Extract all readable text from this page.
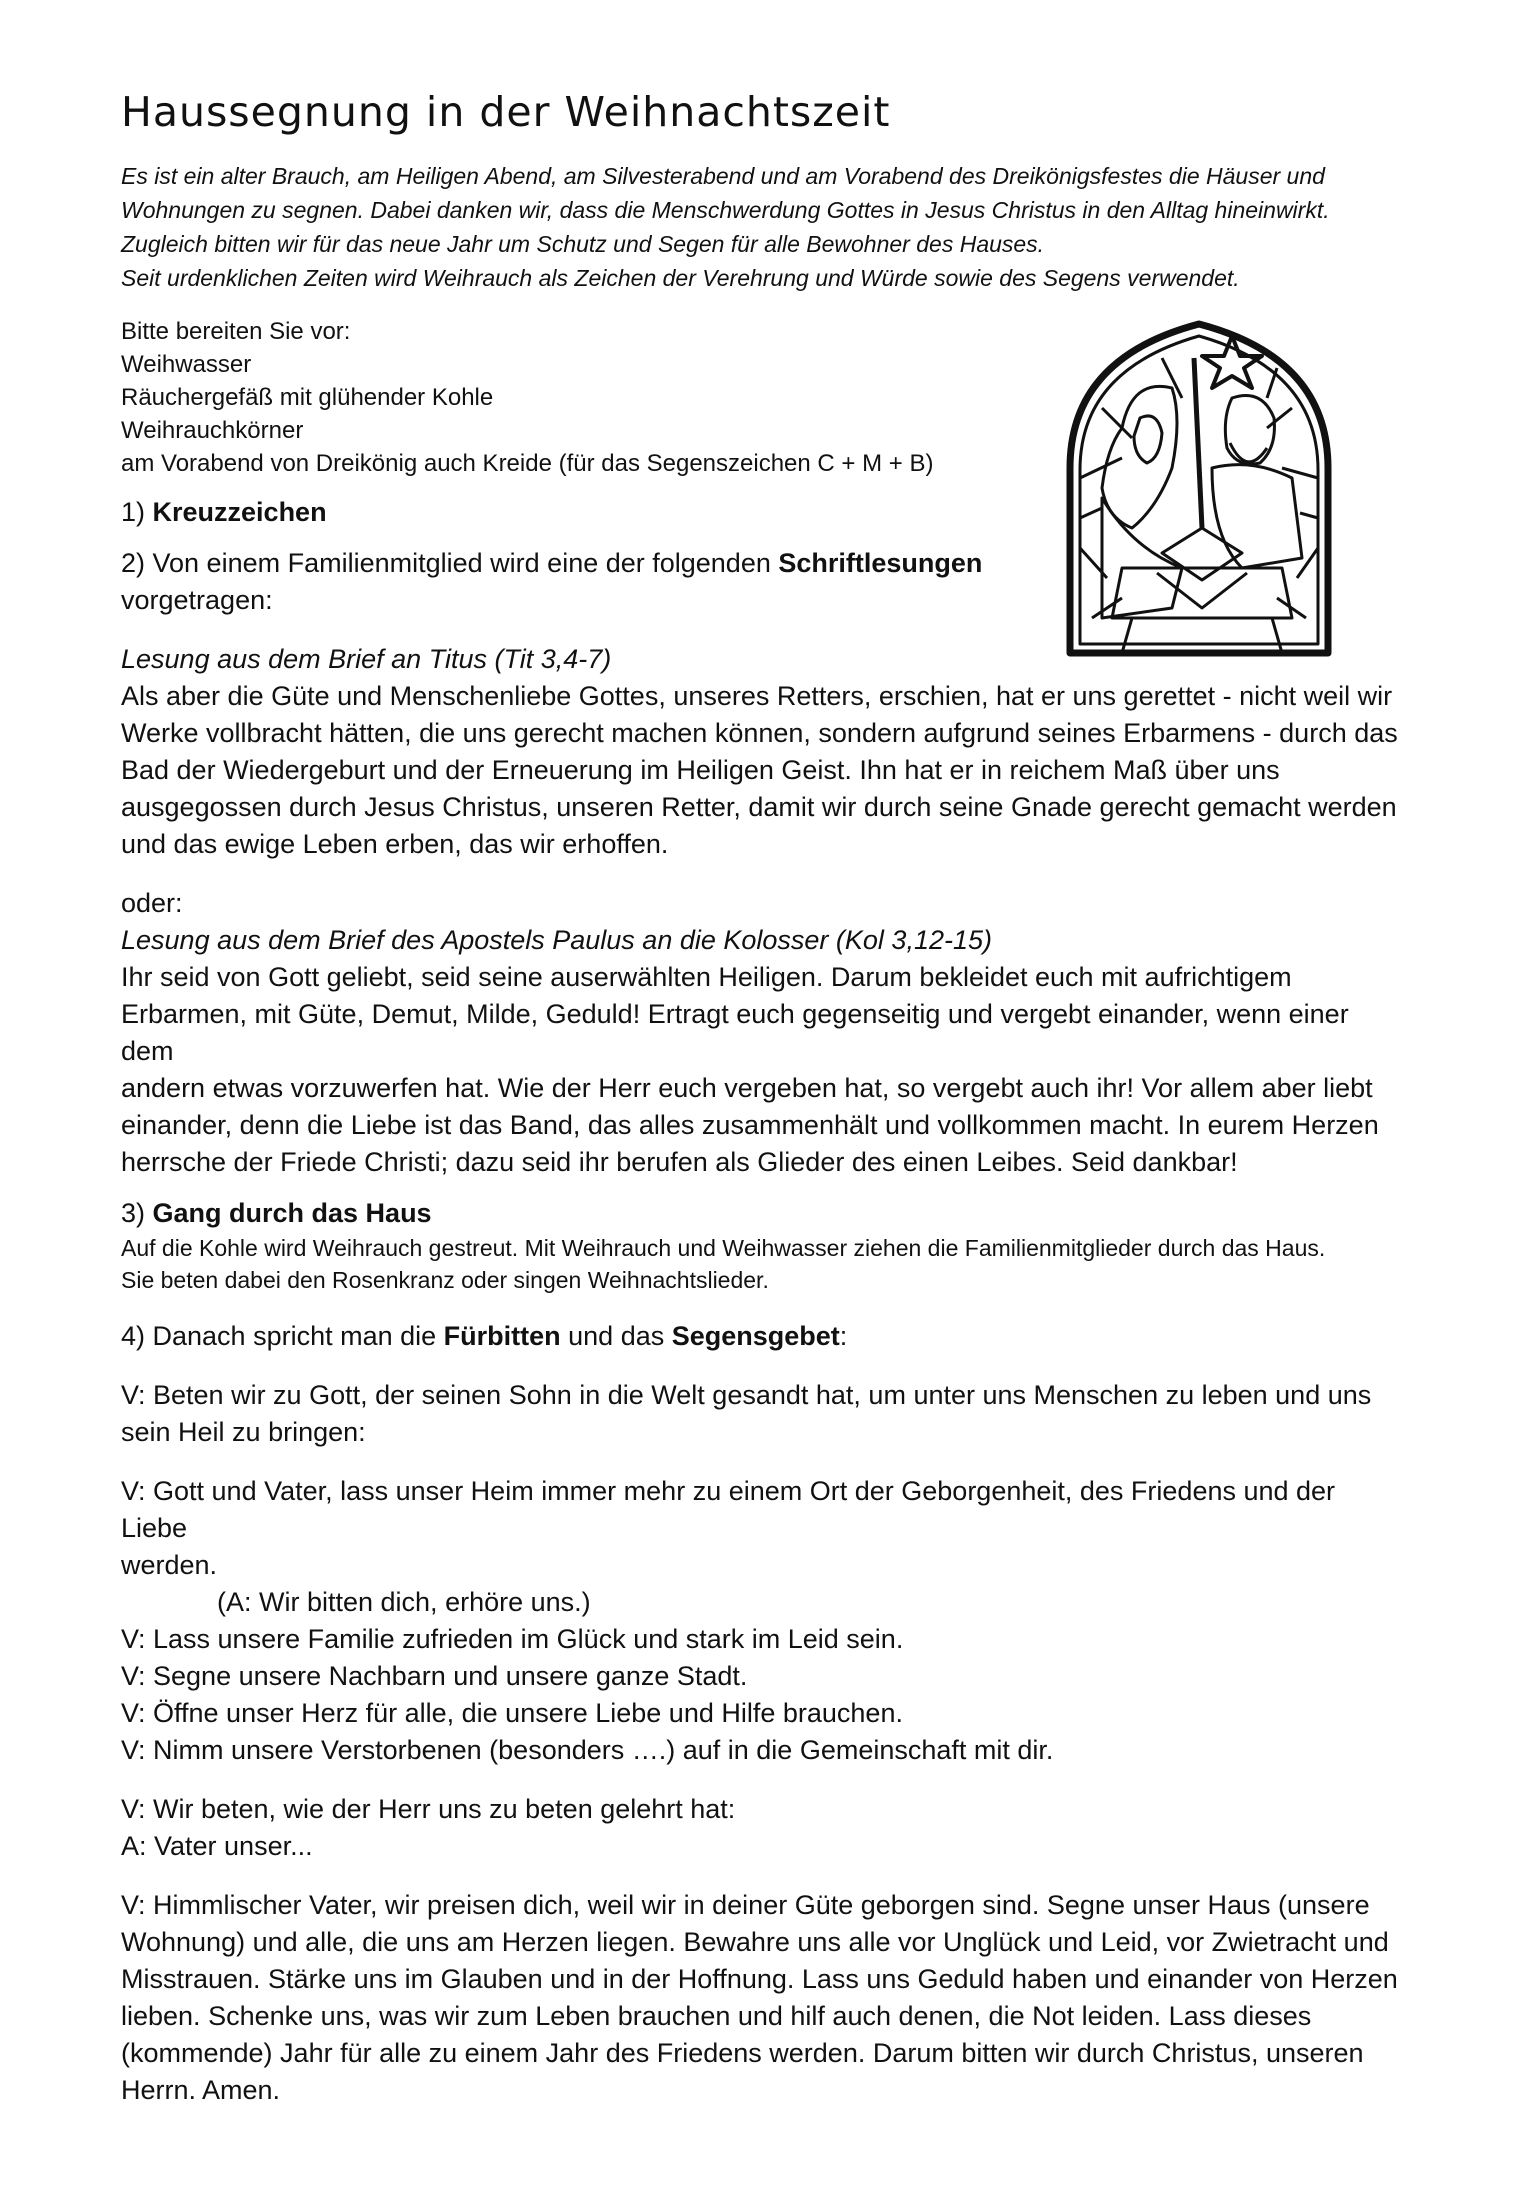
Haussegnung in der Weihnachtszeit
Es ist ein alter Brauch, am Heiligen Abend, am Silvesterabend und am Vorabend des Dreikönigsfestes die Häuser und
Wohnungen zu segnen. Dabei danken wir, dass die Menschwerdung Gottes in Jesus Christus in den Alltag hineinwirkt.
Zugleich bitten wir für das neue Jahr um Schutz und Segen für alle Bewohner des Hauses.
Seit urdenklichen Zeiten wird Weihrauch als Zeichen der Verehrung und Würde sowie des Segens verwendet.
Bitte bereiten Sie vor:
Weihwasser
Räuchergefäß mit glühender Kohle
Weihrauchkörner
am Vorabend von Dreikönig auch Kreide (für das Segenszeichen C + M + B)

1) Kreuzzeichen

2) Von einem Familienmitglied wird eine der folgenden Schriftlesungen
vorgetragen:

Lesung aus dem Brief an Titus (Tit 3,4-7)
Als aber die Güte und Menschenliebe Gottes, unseres Retters, erschien, hat er uns gerettet - nicht weil wir
Werke vollbracht hätten, die uns gerecht machen können, sondern aufgrund seines Erbarmens - durch das
Bad der Wiedergeburt und der Erneuerung im Heiligen Geist. Ihn hat er in reichem Maß über uns
ausgegossen durch Jesus Christus, unseren Retter, damit wir durch seine Gnade gerecht gemacht werden
und das ewige Leben erben, das wir erhoffen.
oder:
Lesung aus dem Brief des Apostels Paulus an die Kolosser (Kol 3,12-15)
Ihr seid von Gott geliebt, seid seine auserwählten Heiligen. Darum bekleidet euch mit aufrichtigem
Erbarmen, mit Güte, Demut, Milde, Geduld! Ertragt euch gegenseitig und vergebt einander, wenn einer dem
andern etwas vorzuwerfen hat. Wie der Herr euch vergeben hat, so vergebt auch ihr! Vor allem aber liebt
einander, denn die Liebe ist das Band, das alles zusammenhält und vollkommen macht. In eurem Herzen
herrsche der Friede Christi; dazu seid ihr berufen als Glieder des einen Leibes. Seid dankbar!

3) Gang durch das Haus

Auf die Kohle wird Weihrauch gestreut. Mit Weihrauch und Weihwasser ziehen die Familienmitglieder durch das Haus.
Sie beten dabei den Rosenkranz oder singen Weihnachtslieder.

4) Danach spricht man die Fürbitten und das Segensgebet:

V: Beten wir zu Gott, der seinen Sohn in die Welt gesandt hat, um unter uns Menschen zu leben und uns
sein Heil zu bringen:
V: Gott und Vater, lass unser Heim immer mehr zu einem Ort der Geborgenheit, des Friedens und der Liebe
werden.
(A: Wir bitten dich, erhöre uns.)
V: Lass unsere Familie zufrieden im Glück und stark im Leid sein.
V: Segne unsere Nachbarn und unsere ganze Stadt.
V: Öffne unser Herz für alle, die unsere Liebe und Hilfe brauchen.
V: Nimm unsere Verstorbenen (besonders ….) auf in die Gemeinschaft mit dir.
V: Wir beten, wie der Herr uns zu beten gelehrt hat:
A: Vater unser...
V: Himmlischer Vater, wir preisen dich, weil wir in deiner Güte geborgen sind. Segne unser Haus (unsere
Wohnung) und alle, die uns am Herzen liegen. Bewahre uns alle vor Unglück und Leid, vor Zwietracht und
Misstrauen. Stärke uns im Glauben und in der Hoffnung. Lass uns Geduld haben und einander von Herzen
lieben. Schenke uns, was wir zum Leben brauchen und hilf auch denen, die Not leiden. Lass dieses
(kommende) Jahr für alle zu einem Jahr des Friedens werden. Darum bitten wir durch Christus, unseren
Herrn. Amen.
